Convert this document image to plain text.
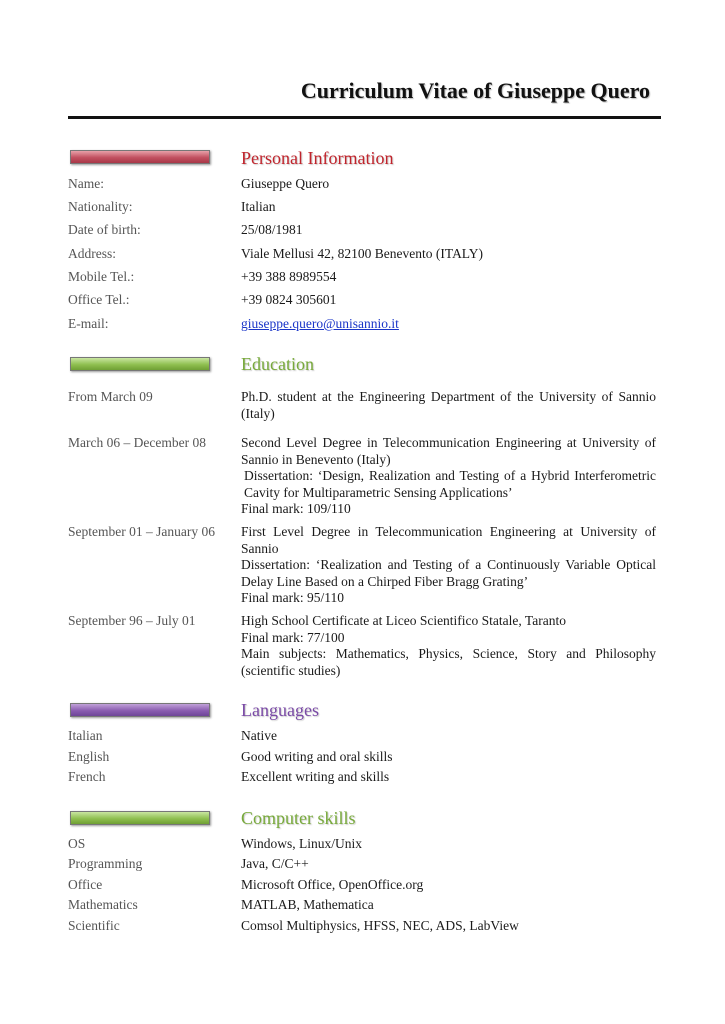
Curriculum Vitae of Giuseppe Quero
Personal Information
Name:	Giuseppe Quero
Nationality:	Italian
Date of birth:	25/08/1981
Address:	Viale Mellusi 42, 82100 Benevento (ITALY)
Mobile Tel.:	+39 388 8989554
Office Tel.:	+39 0824 305601
E-mail:	giuseppe.quero@unisannio.it
Education
From March 09	Ph.D. student at the Engineering Department of the University of Sannio (Italy)

March 06 – December 08	Second Level Degree in Telecommunication Engineering at University of Sannio in Benevento (Italy)

Dissertation: ‘Design, Realization and Testing of a Hybrid Interferometric Cavity for Multiparametric Sensing Applications’

Final mark: 109/110

September 01 – January 06	First Level Degree in Telecommunication Engineering at University of Sannio

Dissertation: ‘Realization and Testing of a Continuously Variable Optical Delay Line Based on a Chirped Fiber Bragg Grating’

Final mark: 95/110

September 96 – July 01	High School Certificate at Liceo Scientifico Statale, Taranto

Final mark: 77/100

Main subjects: Mathematics, Physics, Science, Story and Philosophy (scientific studies)

Languages
Italian	Native
English	Good writing and oral skills
French	Excellent writing and skills
Computer skills
OS	Windows, Linux/Unix
Programming	Java, C/C++
Office	Microsoft Office, OpenOffice.org
Mathematics	MATLAB, Mathematica
Scientific	Comsol Multiphysics, HFSS, NEC, ADS, LabView
